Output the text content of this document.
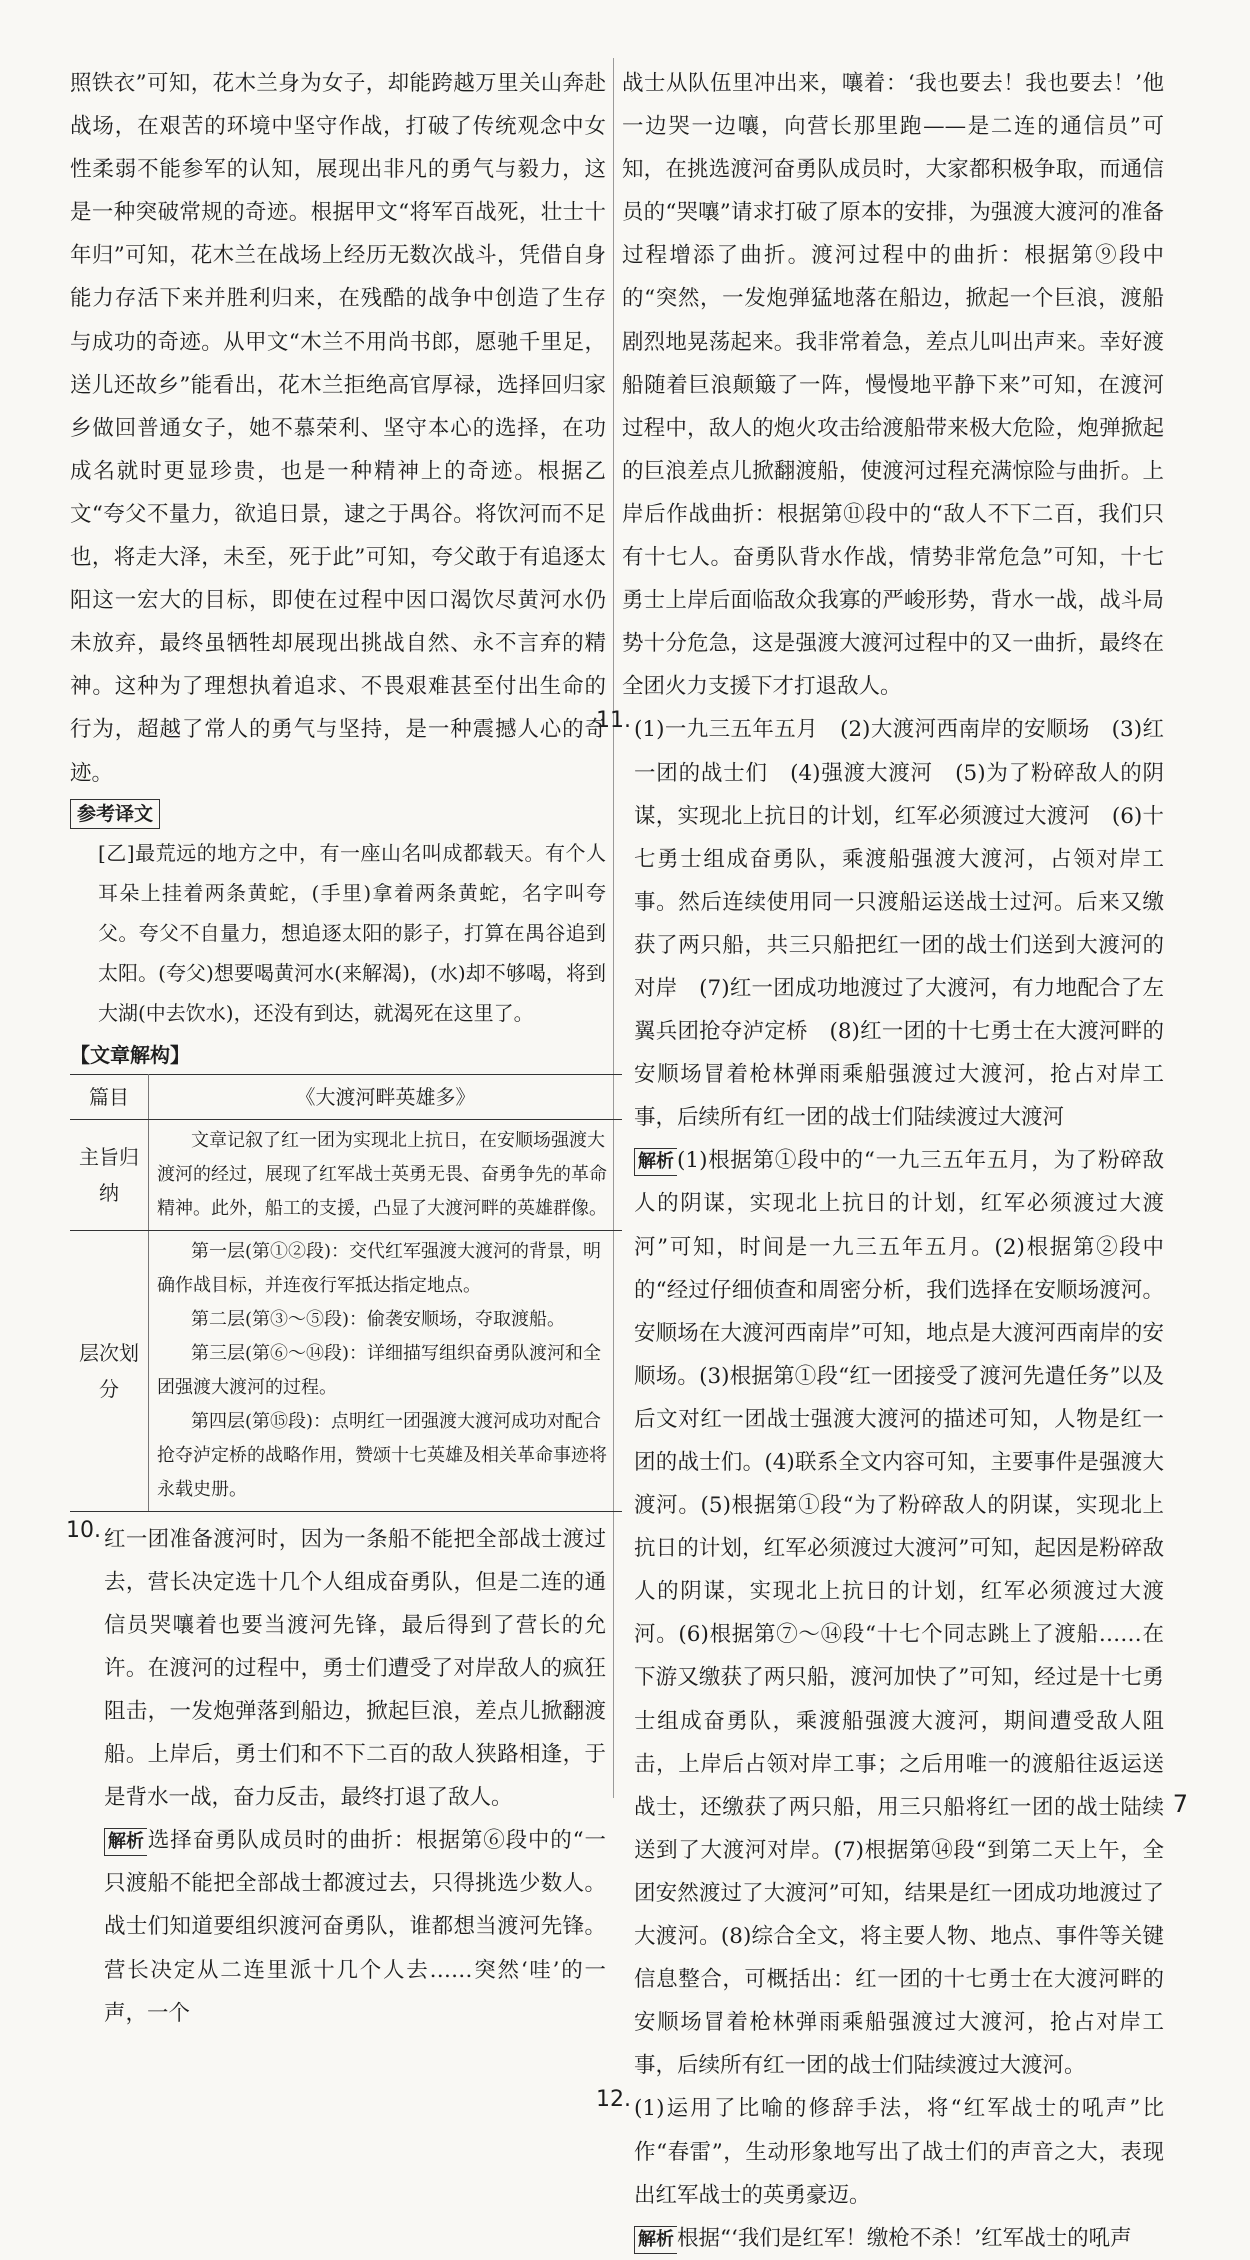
照铁衣”可知，花木兰身为女子，却能跨越万里关山奔赴战场，在艰苦的环境中坚守作战，打破了传统观念中女性柔弱不能参军的认知，展现出非凡的勇气与毅力，这是一种突破常规的奇迹。根据甲文“将军百战死，壮士十年归”可知，花木兰在战场上经历无数次战斗，凭借自身能力存活下来并胜利归来，在残酷的战争中创造了生存与成功的奇迹。从甲文“木兰不用尚书郎，愿驰千里足，送儿还故乡”能看出，花木兰拒绝高官厚禄，选择回归家乡做回普通女子，她不慕荣利、坚守本心的选择，在功成名就时更显珍贵，也是一种精神上的奇迹。根据乙文“夸父不量力，欲追日景，逮之于禺谷。将饮河而不足也，将走大泽，未至，死于此”可知，夸父敢于有追逐太阳这一宏大的目标，即使在过程中因口渴饮尽黄河水仍未放弃，最终虽牺牲却展现出挑战自然、永不言弃的精神。这种为了理想执着追求、不畏艰难甚至付出生命的行为，超越了常人的勇气与坚持，是一种震撼人心的奇迹。

参考译文

[乙]最荒远的地方之中，有一座山名叫成都载天。有个人耳朵上挂着两条黄蛇，(手里)拿着两条黄蛇，名字叫夸父。夸父不自量力，想追逐太阳的影子，打算在禺谷追到太阳。(夸父)想要喝黄河水(来解渴)，(水)却不够喝，将到大湖(中去饮水)，还没有到达，就渴死在这里了。

【文章解构】
篇目	《大渡河畔英雄多》
主旨归纳	文章记叙了红一团为实现北上抗日，在安顺场强渡大渡河的经过，展现了红军战士英勇无畏、奋勇争先的革命精神。此外，船工的支援，凸显了大渡河畔的英雄群像。

层次划分	第一层(第①②段)：交代红军强渡大渡河的背景，明确作战目标，并连夜行军抵达指定地点。
第二层(第③～⑤段)：偷袭安顺场，夺取渡船。
第三层(第⑥～⑭段)：详细描写组织奋勇队渡河和全团强渡大渡河的过程。
第四层(第⑮段)：点明红一团强渡大渡河成功对配合抢夺泸定桥的战略作用，赞颂十七英雄及相关革命事迹将永载史册。
10. 红一团准备渡河时，因为一条船不能把全部战士渡过去，营长决定选十几个人组成奋勇队，但是二连的通信员哭嚷着也要当渡河先锋，最后得到了营长的允许。在渡河的过程中，勇士们遭受了对岸敌人的疯狂阻击，一发炮弹落到船边，掀起巨浪，差点儿掀翻渡船。上岸后，勇士们和不下二百的敌人狭路相逢，于是背水一战，奋力反击，最终打退了敌人。

解析 选择奋勇队成员时的曲折：根据第⑥段中的“一只渡船不能把全部战士都渡过去，只得挑选少数人。战士们知道要组织渡河奋勇队，谁都想当渡河先锋。营长决定从二连里派十几个人去……突然‘哇’的一声，一个

战士从队伍里冲出来，嚷着：‘我也要去！我也要去！’他一边哭一边嚷，向营长那里跑——是二连的通信员”可知，在挑选渡河奋勇队成员时，大家都积极争取，而通信员的“哭嚷”请求打破了原本的安排，为强渡大渡河的准备过程增添了曲折。渡河过程中的曲折：根据第⑨段中的“突然，一发炮弹猛地落在船边，掀起一个巨浪，渡船剧烈地晃荡起来。我非常着急，差点儿叫出声来。幸好渡船随着巨浪颠簸了一阵，慢慢地平静下来”可知，在渡河过程中，敌人的炮火攻击给渡船带来极大危险，炮弹掀起的巨浪差点儿掀翻渡船，使渡河过程充满惊险与曲折。上岸后作战曲折：根据第⑪段中的“敌人不下二百，我们只有十七人。奋勇队背水作战，情势非常危急”可知，十七勇士上岸后面临敌众我寡的严峻形势，背水一战，战斗局势十分危急，这是强渡大渡河过程中的又一曲折，最终在全团火力支援下才打退敌人。

11. (1)一九三五年五月　(2)大渡河西南岸的安顺场　(3)红一团的战士们　(4)强渡大渡河　(5)为了粉碎敌人的阴谋，实现北上抗日的计划，红军必须渡过大渡河　(6)十七勇士组成奋勇队，乘渡船强渡大渡河，占领对岸工事。然后连续使用同一只渡船运送战士过河。后来又缴获了两只船，共三只船把红一团的战士们送到大渡河的对岸　(7)红一团成功地渡过了大渡河，有力地配合了左翼兵团抢夺泸定桥　(8)红一团的十七勇士在大渡河畔的安顺场冒着枪林弹雨乘船强渡过大渡河，抢占对岸工事，后续所有红一团的战士们陆续渡过大渡河

解析 (1)根据第①段中的“一九三五年五月，为了粉碎敌人的阴谋，实现北上抗日的计划，红军必须渡过大渡河”可知，时间是一九三五年五月。(2)根据第②段中的“经过仔细侦查和周密分析，我们选择在安顺场渡河。安顺场在大渡河西南岸”可知，地点是大渡河西南岸的安顺场。(3)根据第①段“红一团接受了渡河先遣任务”以及后文对红一团战士强渡大渡河的描述可知，人物是红一团的战士们。(4)联系全文内容可知，主要事件是强渡大渡河。(5)根据第①段“为了粉碎敌人的阴谋，实现北上抗日的计划，红军必须渡过大渡河”可知，起因是粉碎敌人的阴谋，实现北上抗日的计划，红军必须渡过大渡河。(6)根据第⑦～⑭段“十七个同志跳上了渡船……在下游又缴获了两只船，渡河加快了”可知，经过是十七勇士组成奋勇队，乘渡船强渡大渡河，期间遭受敌人阻击，上岸后占领对岸工事；之后用唯一的渡船往返运送战士，还缴获了两只船，用三只船将红一团的战士陆续送到了大渡河对岸。(7)根据第⑭段“到第二天上午，全团安然渡过了大渡河”可知，结果是红一团成功地渡过了大渡河。(8)综合全文，将主要人物、地点、事件等关键信息整合，可概括出：红一团的十七勇士在大渡河畔的安顺场冒着枪林弹雨乘船强渡过大渡河，抢占对岸工事，后续所有红一团的战士们陆续渡过大渡河。

12. (1)运用了比喻的修辞手法，将“红军战士的吼声”比作“春雷”，生动形象地写出了战士们的声音之大，表现出红军战士的英勇豪迈。

解析 根据“‘我们是红军！缴枪不杀！’红军战士的吼声

7
